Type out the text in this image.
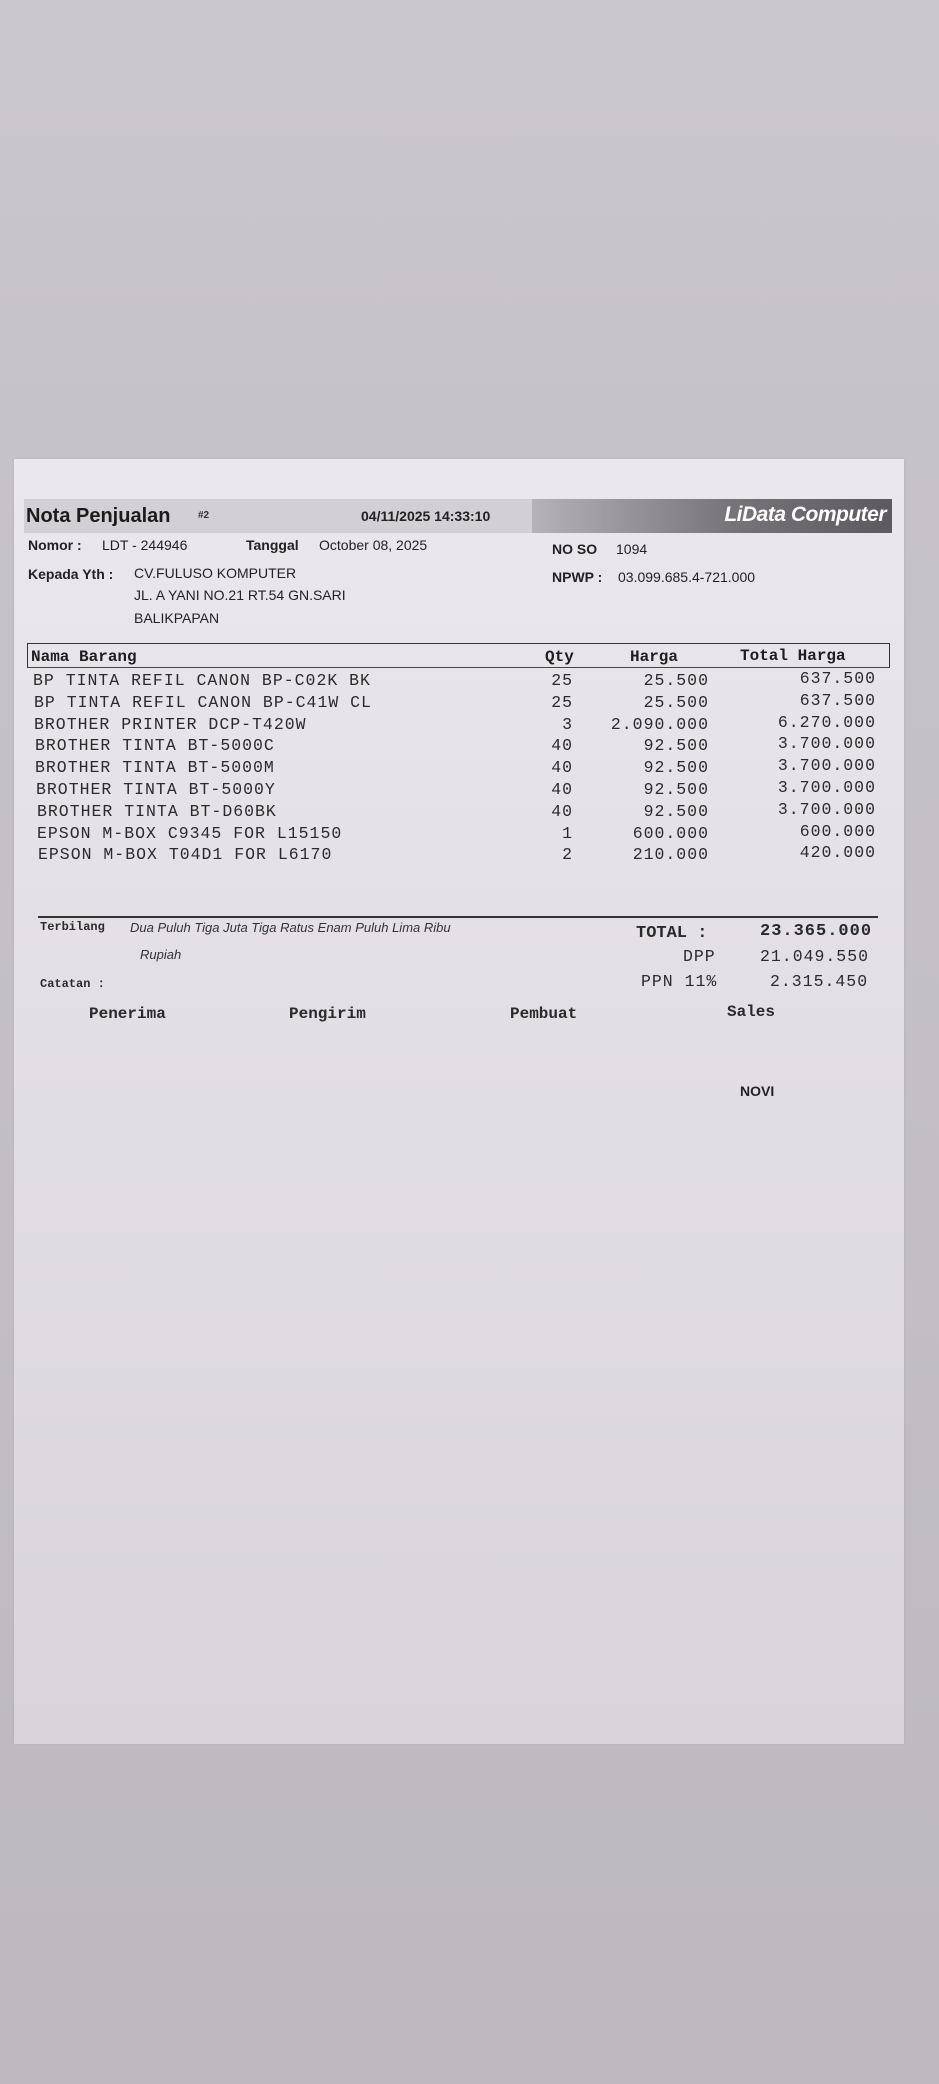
LiData Computer
Nota Penjualan	#2	04/11/2025 14:33:10
Nomor : LDT - 244946	Tanggal October 08, 2025	NO SO 1094
Kepada Yth : CV.FULUSO KOMPUTER
JL. A YANI NO.21 RT.54 GN.SARI
BALIKPAPAN
NPWP : 03.099.685.4-721.000
Nama Barang	Qty	Harga	Total Harga
BP TINTA REFIL CANON BP-C02K BK	25	25.500	637.500
BP TINTA REFIL CANON BP-C41W CL	25	25.500	637.500
BROTHER PRINTER DCP-T420W	3 2.090.000	6.270.000
BROTHER TINTA BT-5000C	40	92.500	3.700.000
BROTHER TINTA BT-5000M	40	92.500	3.700.000
BROTHER TINTA BT-5000Y	40	92.500	3.700.000
BROTHER TINTA BT-D60BK	40	92.500	3.700.000
EPSON M-BOX C9345 FOR L15150	1	600.000	600.000
EPSON M-BOX T04D1 FOR L6170	2	210.000	420.000
Terbilang Dua Puluh Tiga Juta Tiga Ratus Enam Puluh Lima Ribu
Rupiah
Catatan :
TOTAL :	23.365.000
DPP	21.049.550
PPN 11%	2.315.450
Penerima	Pengirim	Pembuat	Sales
NOVI
